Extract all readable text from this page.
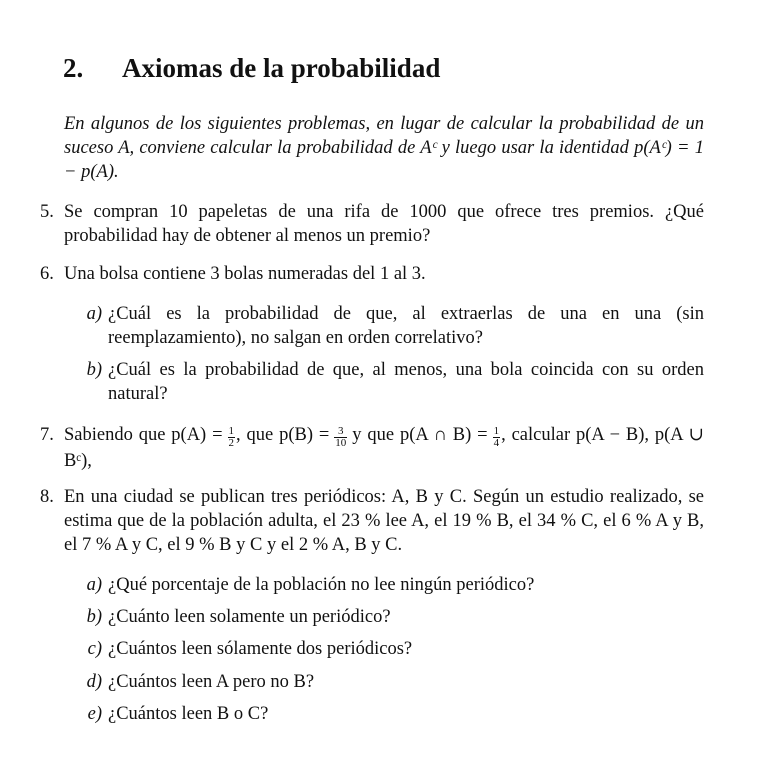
2. Axiomas de la probabilidad
En algunos de los siguientes problemas, en lugar de calcular la probabilidad de un suceso A, conviene calcular la probabilidad de Aᶜ y luego usar la identidad p(Aᶜ) = 1 − p(A).
5. Se compran 10 papeletas de una rifa de 1000 que ofrece tres premios. ¿Qué probabilidad hay de obtener al menos un premio?
6. Una bolsa contiene 3 bolas numeradas del 1 al 3.
a) ¿Cuál es la probabilidad de que, al extraerlas de una en una (sin reemplazamiento), no salgan en orden correlativo?
b) ¿Cuál es la probabilidad de que, al menos, una bola coincida con su orden natural?
7. Sabiendo que $p(A) = \frac{1}{2}$ , que $p(B) = \frac{3}{10}$ y que p(A ∩ $B) = \frac{1}{4}$ , calcular p(A − B), p(A ∪ Bᶜ),
8. En una ciudad se publican tres periódicos: A, B y C. Según un estudio realizado, se estima que de la población adulta, el 23 % lee A, el 19 % B, el 34 % C, el 6 % A y B, el 7 % A y C, el 9 % B y C y el 2 % A, B y C.
a) ¿Qué porcentaje de la población no lee ningún periódico?
b) ¿Cuánto leen solamente un periódico?
c) ¿Cuántos leen sólamente dos periódicos?
d) ¿Cuántos leen A pero no B?
e) ¿Cuántos leen B o C?
